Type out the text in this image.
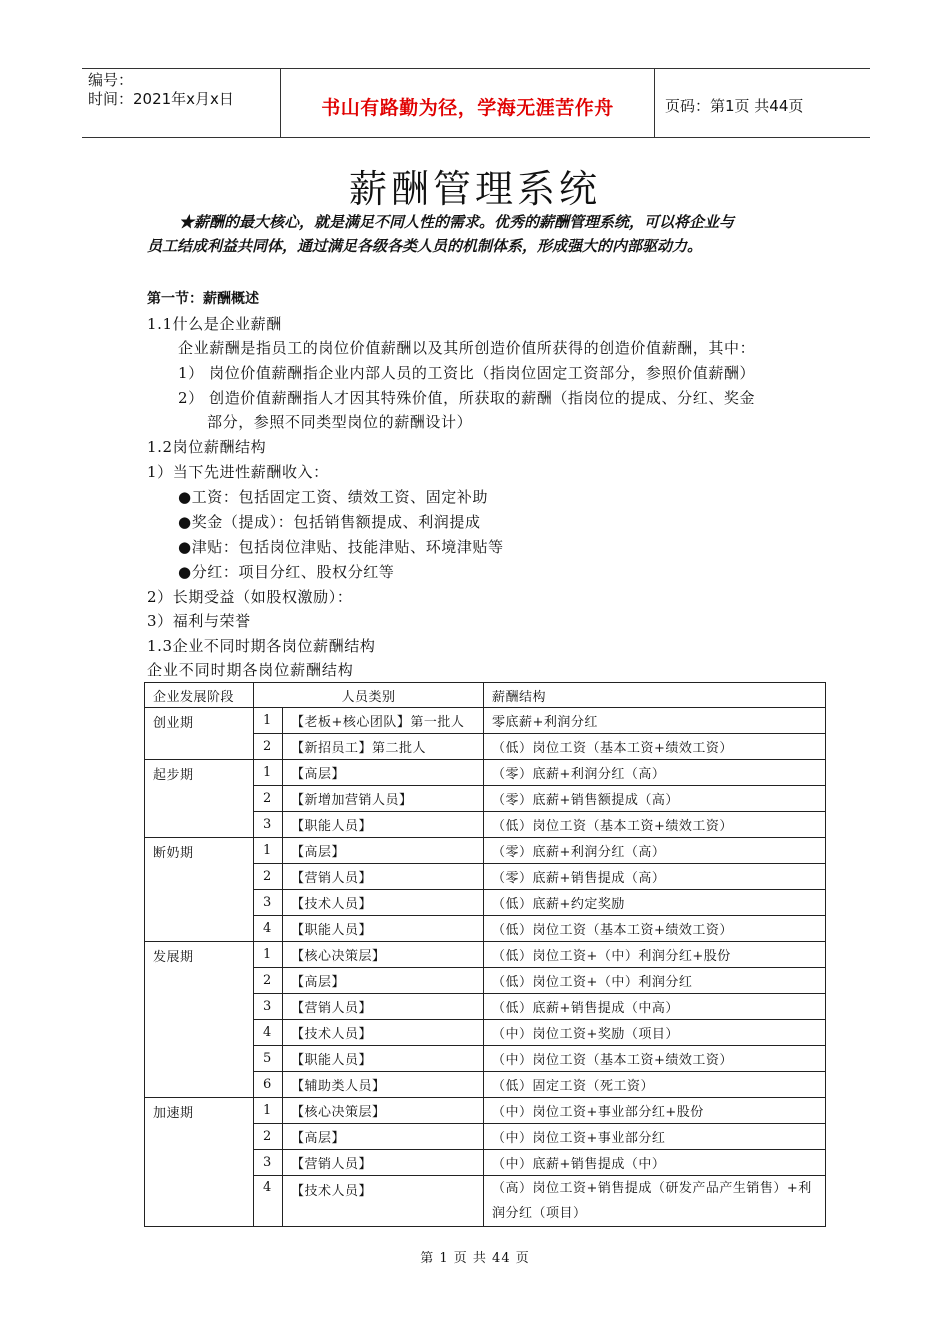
编号：
时间：2021年x月x日	书山有路勤为径，学海无涯苦作舟	页码：第1页 共44页
薪酬管理系统

★薪酬的最大核心，就是满足不同人性的需求。优秀的薪酬管理系统，可以将企业与

员工结成利益共同体，通过满足各级各类人员的机制体系，形成强大的内部驱动力。

第一节：薪酬概述
1.1什么是企业薪酬
企业薪酬是指员工的岗位价值薪酬以及其所创造价值所获得的创造价值薪酬，其中：
1） 岗位价值薪酬指企业内部人员的工资比（指岗位固定工资部分，参照价值薪酬）
2） 创造价值薪酬指人才因其特殊价值，所获取的薪酬（指岗位的提成、分红、奖金
部分，参照不同类型岗位的薪酬设计）
1.2岗位薪酬结构
1）当下先进性薪酬收入：
●工资：包括固定工资、绩效工资、固定补助
●奖金（提成）：包括销售额提成、利润提成
●津贴：包括岗位津贴、技能津贴、环境津贴等
●分红：项目分红、股权分红等
2）长期受益（如股权激励）：
3）福利与荣誉
1.3企业不同时期各岗位薪酬结构
企业不同时期各岗位薪酬结构
企业发展阶段	人员类别		薪酬结构
创业期	1	【老板+核心团队】第一批人	零底薪+利润分红
	2	【新招员工】第二批人	（低）岗位工资（基本工资+绩效工资）
起步期	1	【高层】	（零）底薪+利润分红（高）
	2	【新增加营销人员】	（零）底薪+销售额提成（高）
	3	【职能人员】	（低）岗位工资（基本工资+绩效工资）
断奶期	1	【高层】	（零）底薪+利润分红（高）
	2	【营销人员】	（零）底薪+销售提成（高）
	3	【技术人员】	（低）底薪+约定奖励
	4	【职能人员】	（低）岗位工资（基本工资+绩效工资）
发展期	1	【核心决策层】	（低）岗位工资+（中）利润分红+股份
	2	【高层】	（低）岗位工资+（中）利润分红
	3	【营销人员】	（低）底薪+销售提成（中高）
	4	【技术人员】	（中）岗位工资+奖励（项目）
	5	【职能人员】	（中）岗位工资（基本工资+绩效工资）
	6	【辅助类人员】	（低）固定工资（死工资）
加速期	1	【核心决策层】	（中）岗位工资+事业部分红+股份
	2	【高层】	（中）岗位工资+事业部分红
	3	【营销人员】	（中）底薪+销售提成（中）
	4	【技术人员】	（高）岗位工资+销售提成（研发产品产生销售）+利润分红（项目）
第 1 页 共 44 页
